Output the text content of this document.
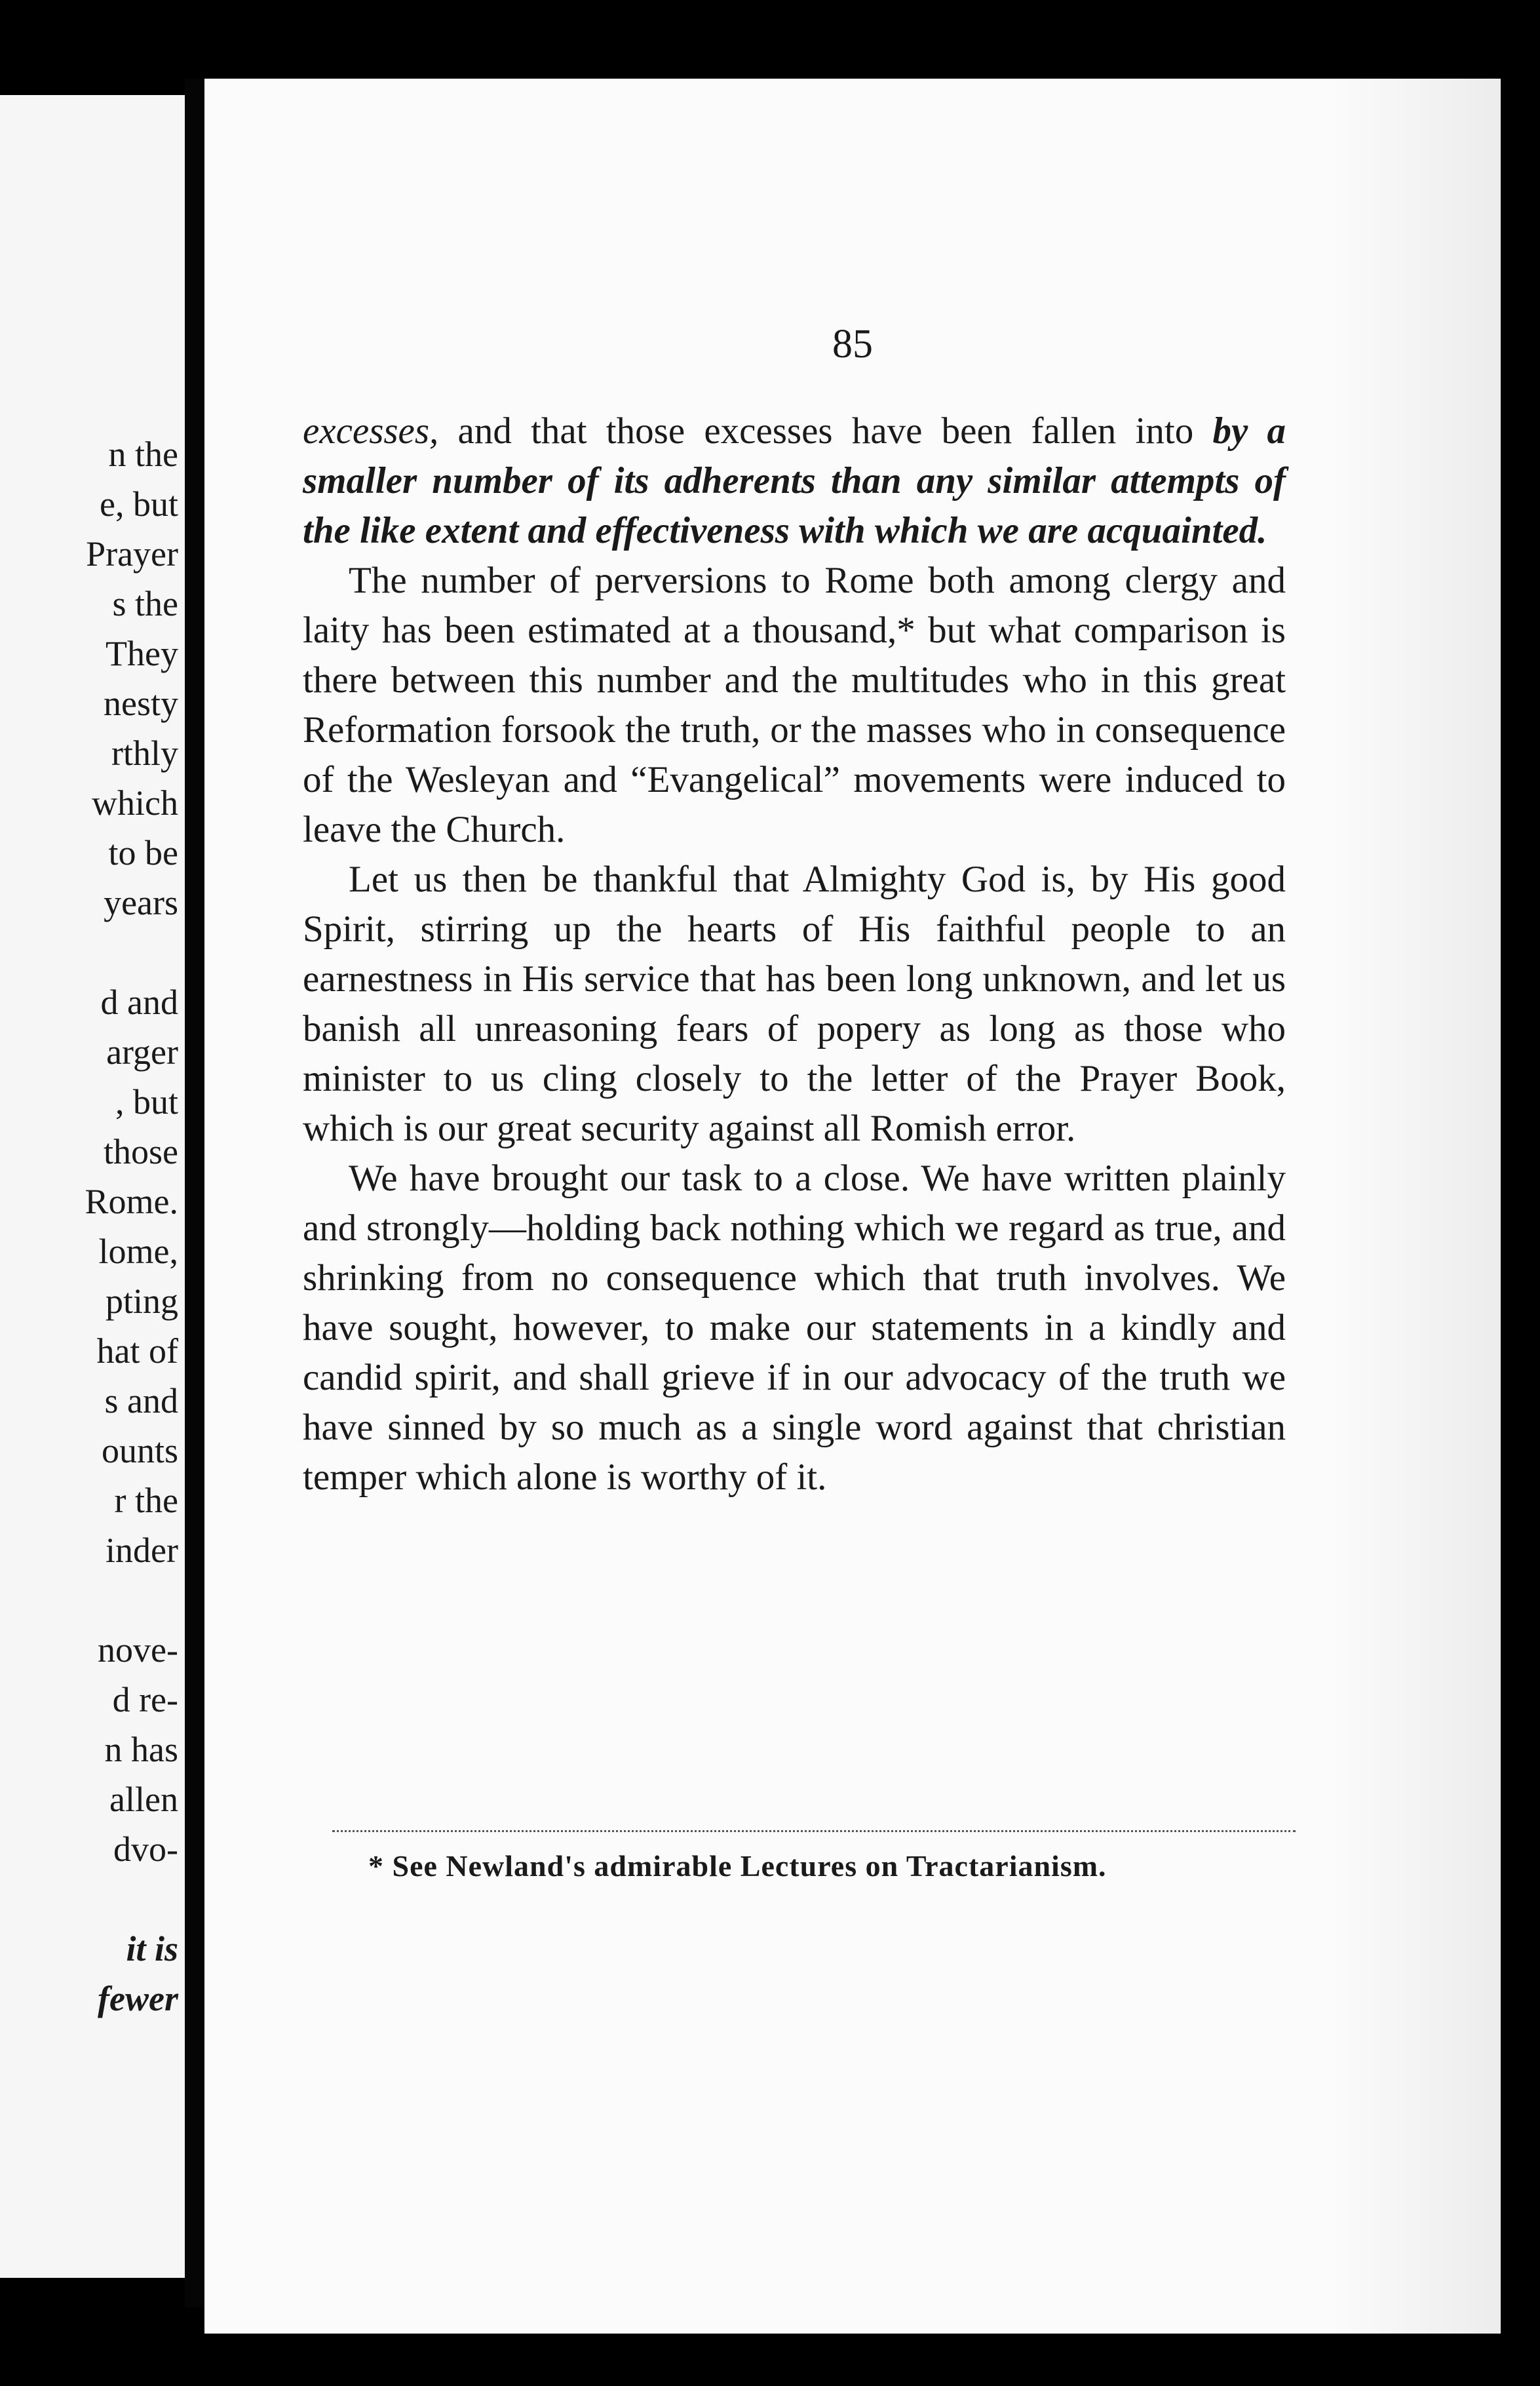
n the
e, but
Prayer
s the
They
nesty
rthly
which
to be
years
d and
arger
, but
those
Rome.
lome,
pting
hat of
s and
ounts
r the
inder
nove-
d re-
n has
allen
dvo-
it is
fewer
85

excesses, and that those excesses have been fallen into by a smaller number of its adherents than any similar attempts of the like extent and effectiveness with which we are acquainted.

The number of perversions to Rome both among clergy and laity has been estimated at a thousand,* but what comparison is there between this number and the multitudes who in this great Reformation forsook the truth, or the masses who in consequence of the Wesleyan and “Evangelical” movements were induced to leave the Church.

Let us then be thankful that Almighty God is, by His good Spirit, stirring up the hearts of His faithful people to an earnestness in His service that has been long unknown, and let us banish all unreasoning fears of popery as long as those who minister to us cling closely to the letter of the Prayer Book, which is our great security against all Romish error.

We have brought our task to a close. We have written plainly and strongly—holding back nothing which we regard as true, and shrinking from no consequence which that truth involves. We have sought, however, to make our statements in a kindly and candid spirit, and shall grieve if in our advocacy of the truth we have sinned by so much as a single word against that christian temper which alone is worthy of it.

* See Newland's admirable Lectures on Tractarianism.
